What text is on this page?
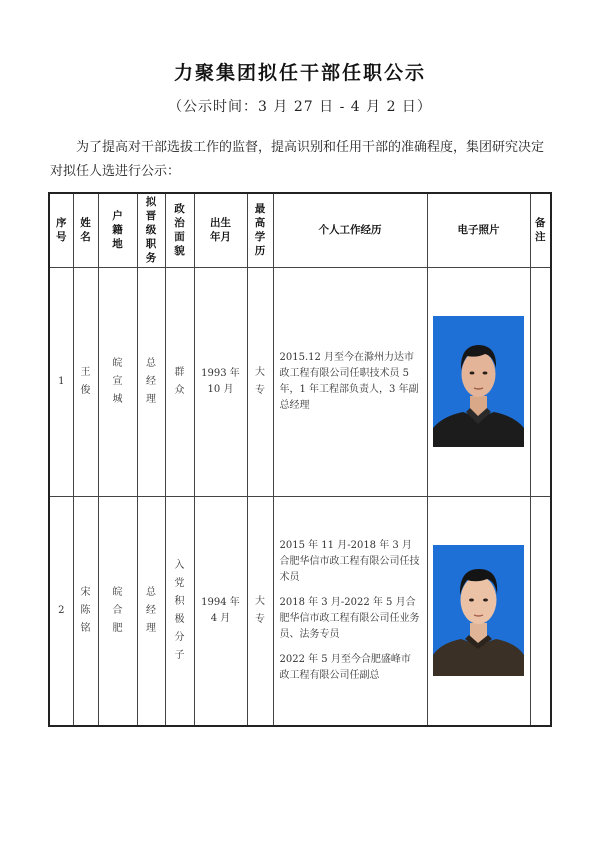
力聚集团拟任干部任职公示
（公示时间：3 月 27 日 - 4 月 2 日）
为了提高对干部选拔工作的监督，提高识别和任用干部的准确程度，集团研究决定对拟任人选进行公示：
序号	姓名	户籍地	拟晋级职务	政治面貌	出生年月	最高学历	个人工作经历	电子照片	备注
1	王俊	皖宣城	总经理	群众	1993 年 10 月	大专	2015.12 月至今在滁州力达市政工程有限公司任职技术员 5 年，1 年工程部负责人，3 年副总经理

2	宋陈铭	皖合肥	总经理	入党积极分子	1994 年 4 月	大专	2015 年 11 月-2018 年 3 月合肥华信市政工程有限公司任技术员

2018 年 3 月-2022 年 5 月合肥华信市政工程有限公司任业务员、法务专员

2022 年 5 月至今合肥盛峰市政工程有限公司任副总
